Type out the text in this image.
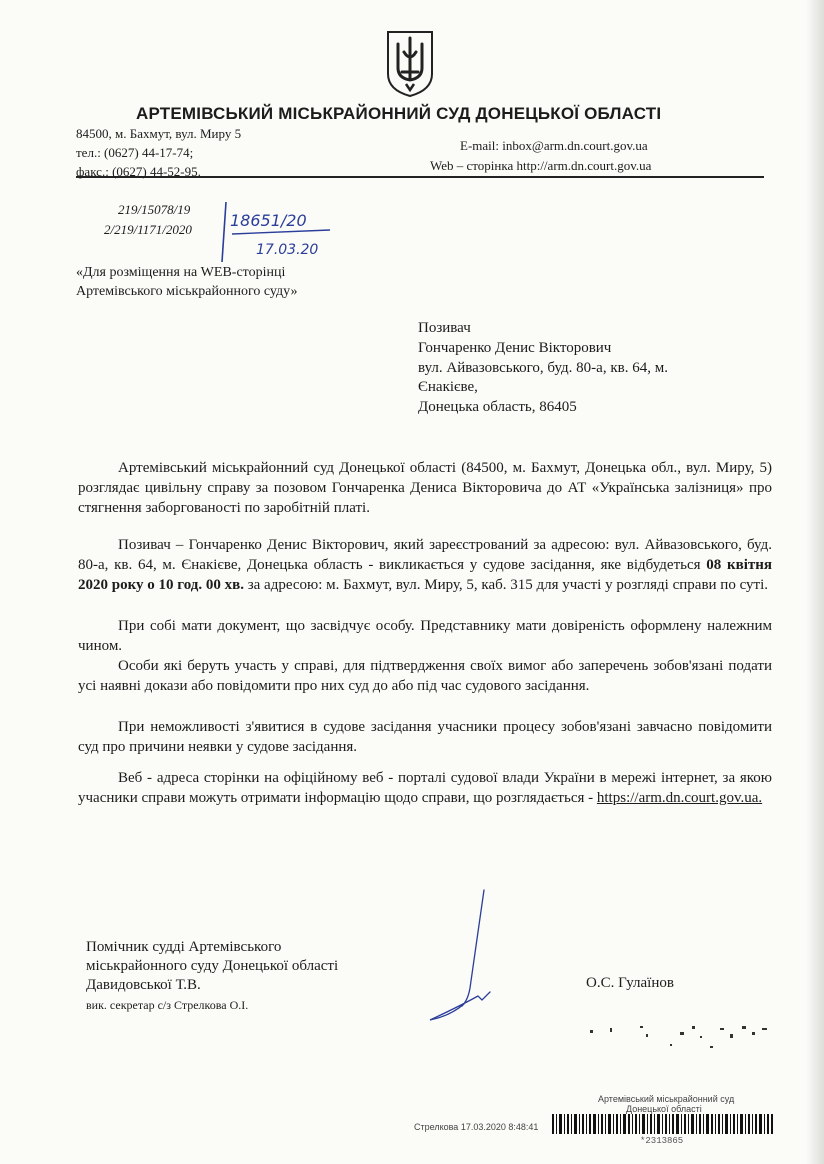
АРТЕМІВСЬКИЙ МІСЬКРАЙОННИЙ СУД ДОНЕЦЬКОЇ ОБЛАСТІ
84500, м. Бахмут, вул. Миру 5
тел.: (0627) 44-17-74;
факс.: (0627) 44-52-95.
E-mail: inbox@arm.dn.court.gov.ua
Web – сторінка http://arm.dn.court.gov.ua
219/15078/19
2/219/1171/2020 18651/20
17.03.20
«Для розміщення на WEB-сторінці
Артемівського міськрайонного суду»
Позивач
Гончаренко Денис Вікторович
вул. Айвазовського, буд. 80-а, кв. 64, м.
Єнакієве,
Донецька область, 86405
Артемівський міськрайонний суд Донецької області (84500, м. Бахмут, Донецька обл., вул. Миру, 5) розглядає цивільну справу за позовом Гончаренка Дениса Вікторовича до АТ «Українська залізниця» про стягнення заборгованості по заробітній платі.
Позивач – Гончаренко Денис Вікторович, який зареєстрований за адресою: вул. Айвазовського, буд. 80-а, кв. 64, м. Єнакієве, Донецька область - викликається у судове засідання, яке відбудеться 08 квітня 2020 року о 10 год. 00 хв. за адресою: м. Бахмут, вул. Миру, 5, каб. 315 для участі у розгляді справи по суті.
При собі мати документ, що засвідчує особу. Представнику мати довіреність оформлену належним чином.
Особи які беруть участь у справі, для підтвердження своїх вимог або заперечень зобов'язані подати усі наявні докази або повідомити про них суд до або під час судового засідання.
При неможливості з'явитися в судове засідання учасники процесу зобов'язані завчасно повідомити суд про причини неявки у судове засідання.
Веб - адреса сторінки на офіційному веб - порталі судової влади України в мережі інтернет, за якою учасники справи можуть отримати інформацію щодо справи, що розглядається - https://arm.dn.court.gov.ua.
Помічник судді Артемівського
міськрайонного суду Донецької області
Давидовської Т.В.
вик. секретар с/з Стрелкова О.І.
О.С. Гулаїнов
Артемівський міськрайонний суд
Донецької області
Стрелкова 17.03.2020 8:48:41
*2313865
